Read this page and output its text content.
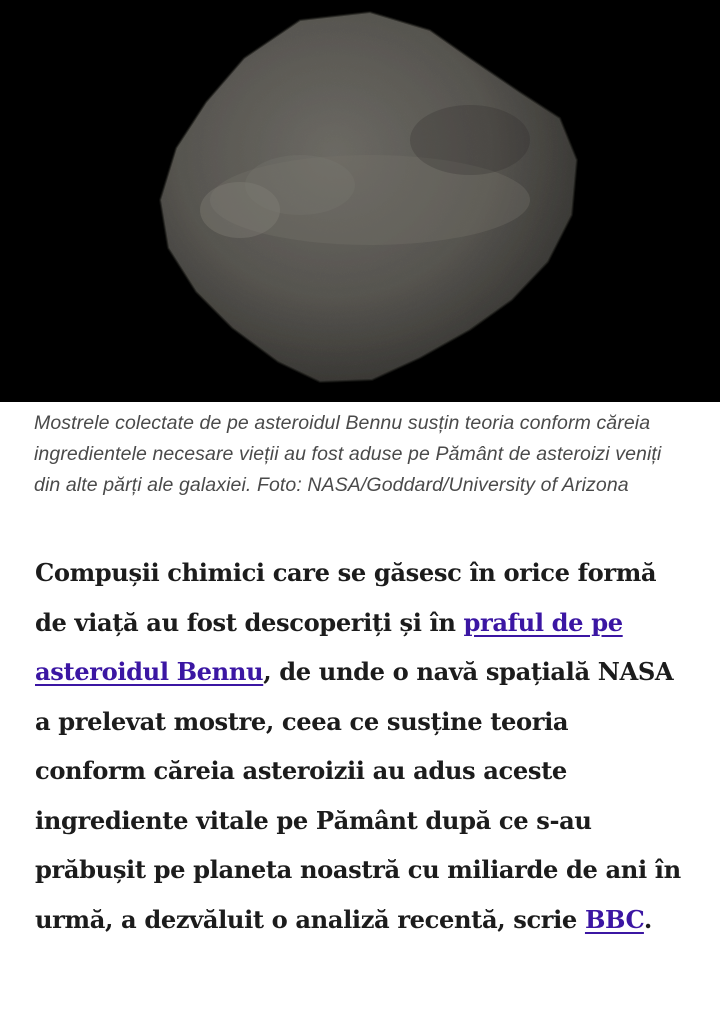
Mostrele colectate de pe asteroidul Bennu susțin teoria conform căreia ingredientele necesare vieții au fost aduse pe Pământ de asteroizi veniți din alte părți ale galaxiei. Foto: NASA/Goddard/University of Arizona
Compușii chimici care se găsesc în orice formă de viață au fost descoperiți și în praful de pe asteroidul Bennu, de unde o navă spațială NASA a prelevat mostre, ceea ce susține teoria conform căreia asteroizii au adus aceste ingrediente vitale pe Pământ după ce s-au prăbușit pe planeta noastră cu miliarde de ani în urmă, a dezvăluit o analiză recentă, scrie BBC.
